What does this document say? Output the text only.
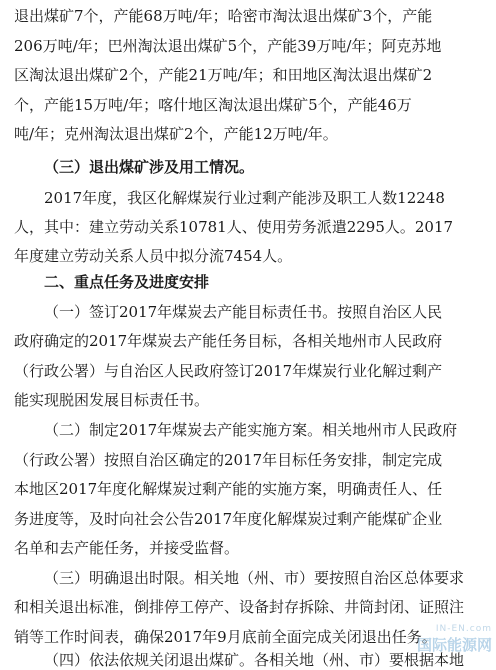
退出煤矿7个，产能68万吨/年；哈密市淘汰退出煤矿3个，产能
206万吨/年；巴州淘汰退出煤矿5个，产能39万吨/年；阿克苏地
区淘汰退出煤矿2个，产能21万吨/年；和田地区淘汰退出煤矿2
个，产能15万吨/年；喀什地区淘汰退出煤矿5个，产能46万
吨/年；克州淘汰退出煤矿2个，产能12万吨/年。
（三）退出煤矿涉及用工情况。
2017年度，我区化解煤炭行业过剩产能涉及职工人数12248
人，其中：建立劳动关系10781人、使用劳务派遣2295人。2017
年度建立劳动关系人员中拟分流7454人。
二、重点任务及进度安排
（一）签订2017年煤炭去产能目标责任书。按照自治区人民
政府确定的2017年煤炭去产能任务目标，各相关地州市人民政府
（行政公署）与自治区人民政府签订2017年煤炭行业化解过剩产
能实现脱困发展目标责任书。
（二）制定2017年煤炭去产能实施方案。相关地州市人民政府
（行政公署）按照自治区确定的2017年目标任务安排，制定完成
本地区2017年度化解煤炭过剩产能的实施方案，明确责任人、任
务进度等，及时向社会公告2017年度化解煤炭过剩产能煤矿企业
名单和去产能任务，并接受监督。
（三）明确退出时限。相关地（州、市）要按照自治区总体要求
和相关退出标准，倒排停工停产、设备封存拆除、井筒封闭、证照注
销等工作时间表，确保2017年9月底前全面完成关闭退出任务。
（四）依法依规关闭退出煤矿。各相关地（州、市）要根据本地
IN-EN.com
国际能源网
